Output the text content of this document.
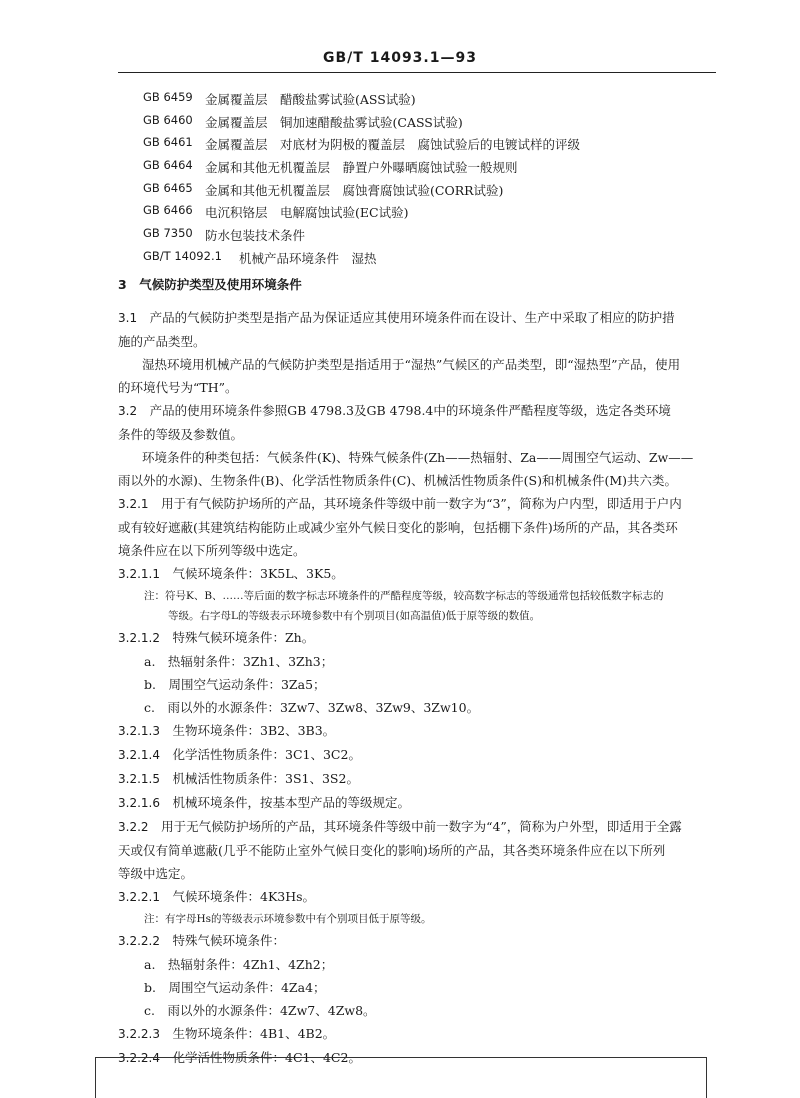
GB/T 14093.1—93
GB 6459 金属覆盖层　醋酸盐雾试验(ASS试验)
GB 6460 金属覆盖层　铜加速醋酸盐雾试验(CASS试验)
GB 6461 金属覆盖层　对底材为阴极的覆盖层　腐蚀试验后的电镀试样的评级
GB 6464 金属和其他无机覆盖层　静置户外曝晒腐蚀试验一般规则
GB 6465 金属和其他无机覆盖层　腐蚀膏腐蚀试验(CORR试验)
GB 6466 电沉积铬层　电解腐蚀试验(EC试验)
GB 7350 防水包装技术条件
GB/T 14092.1	机械产品环境条件　湿热
3　气候防护类型及使用环境条件
3.1　 产品的气候防护类型是指产品为保证适应其使用环境条件而在设计、生产中采取了相应的防护措
施的产品类型。
湿热环境用机械产品的气候防护类型是指适用于“湿热”气候区的产品类型，即“湿热型”产品，使用
的环境代号为“TH”。
3.2　 产品的使用环境条件参照GB 4798.3及GB 4798.4中的环境条件严酷程度等级，选定各类环境
条件的等级及参数值。
环境条件的种类包括：气候条件(K)、特殊气候条件(Zh——热辐射、Za——周围空气运动、Zw——
雨以外的水源)、生物条件(B)、化学活性物质条件(C)、机械活性物质条件(S)和机械条件(M)共六类。
3.2.1　 用于有气候防护场所的产品，其环境条件等级中前一数字为“3”，简称为户内型，即适用于户内
或有较好遮蔽(其建筑结构能防止或减少室外气候日变化的影响，包括棚下条件)场所的产品，其各类环
境条件应在以下所列等级中选定。
3.2.1.1　 气候环境条件：3K5L、3K5。
注：符号K、B、……等后面的数字标志环境条件的严酷程度等级，较高数字标志的等级通常包括较低数字标志的
等级。右字母L的等级表示环境参数中有个别项目(如高温值)低于原等级的数值。
3.2.1.2　 特殊气候环境条件：Zh。
a.　热辐射条件：3Zh1、3Zh3；
b.　周围空气运动条件：3Za5；
c.　雨以外的水源条件：3Zw7、3Zw8、3Zw9、3Zw10。
3.2.1.3　 生物环境条件：3B2、3B3。
3.2.1.4　 化学活性物质条件：3C1、3C2。
3.2.1.5　 机械活性物质条件：3S1、3S2。
3.2.1.6　 机械环境条件，按基本型产品的等级规定。
3.2.2　 用于无气候防护场所的产品，其环境条件等级中前一数字为“4”，简称为户外型，即适用于全露
天或仅有简单遮蔽(几乎不能防止室外气候日变化的影响)场所的产品，其各类环境条件应在以下所列
等级中选定。
3.2.2.1　 气候环境条件：4K3Hs。
注：有字母Hs的等级表示环境参数中有个别项目低于原等级。
3.2.2.2　 特殊气候环境条件：
a.　热辐射条件：4Zh1、4Zh2；
b.　周围空气运动条件：4Za4；
c.　雨以外的水源条件：4Zw7、4Zw8。
3.2.2.3　 生物环境条件：4B1、4B2。
3.2.2.4　 化学活性物质条件：4C1、4C2。
